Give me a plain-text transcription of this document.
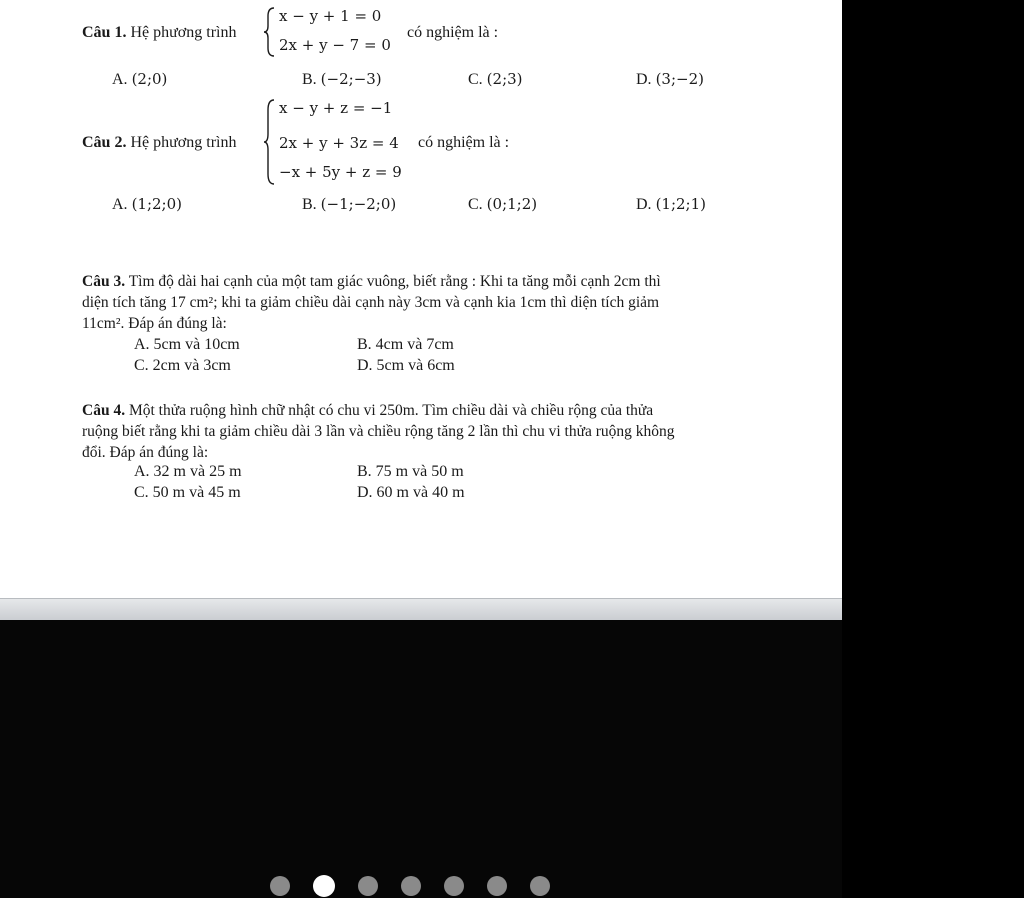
Câu 1. Hệ phương trình
x − y + 1 = 0
2x + y − 7 = 0
có nghiệm là :
A. (2;0)	B. (−2;−3)	C. (2;3)	D. (3;−2)
Câu 2. Hệ phương trình
x − y + z = −1
2x + y + 3z = 4
−x + 5y + z = 9
có nghiệm là :
A. (1;2;0)	B. (−1;−2;0)	C. (0;1;2)	D. (1;2;1)
Câu 3. Tìm độ dài hai cạnh của một tam giác vuông, biết rằng : Khi ta tăng mỗi cạnh 2cm thì
diện tích tăng 17 cm²; khi ta giảm chiều dài cạnh này 3cm và cạnh kia 1cm thì diện tích giảm
11cm². Đáp án đúng là:
A. 5cm và 10cm	B. 4cm và 7cm
C. 2cm và 3cm	D. 5cm và 6cm
Câu 4. Một thửa ruộng hình chữ nhật có chu vi 250m. Tìm chiều dài và chiều rộng của thửa
ruộng biết rằng khi ta giảm chiều dài 3 lần và chiều rộng tăng 2 lần thì chu vi thửa ruộng không
đổi. Đáp án đúng là:
A. 32 m và 25 m	B. 75 m và 50 m
C. 50 m và 45 m	D. 60 m và 40 m
